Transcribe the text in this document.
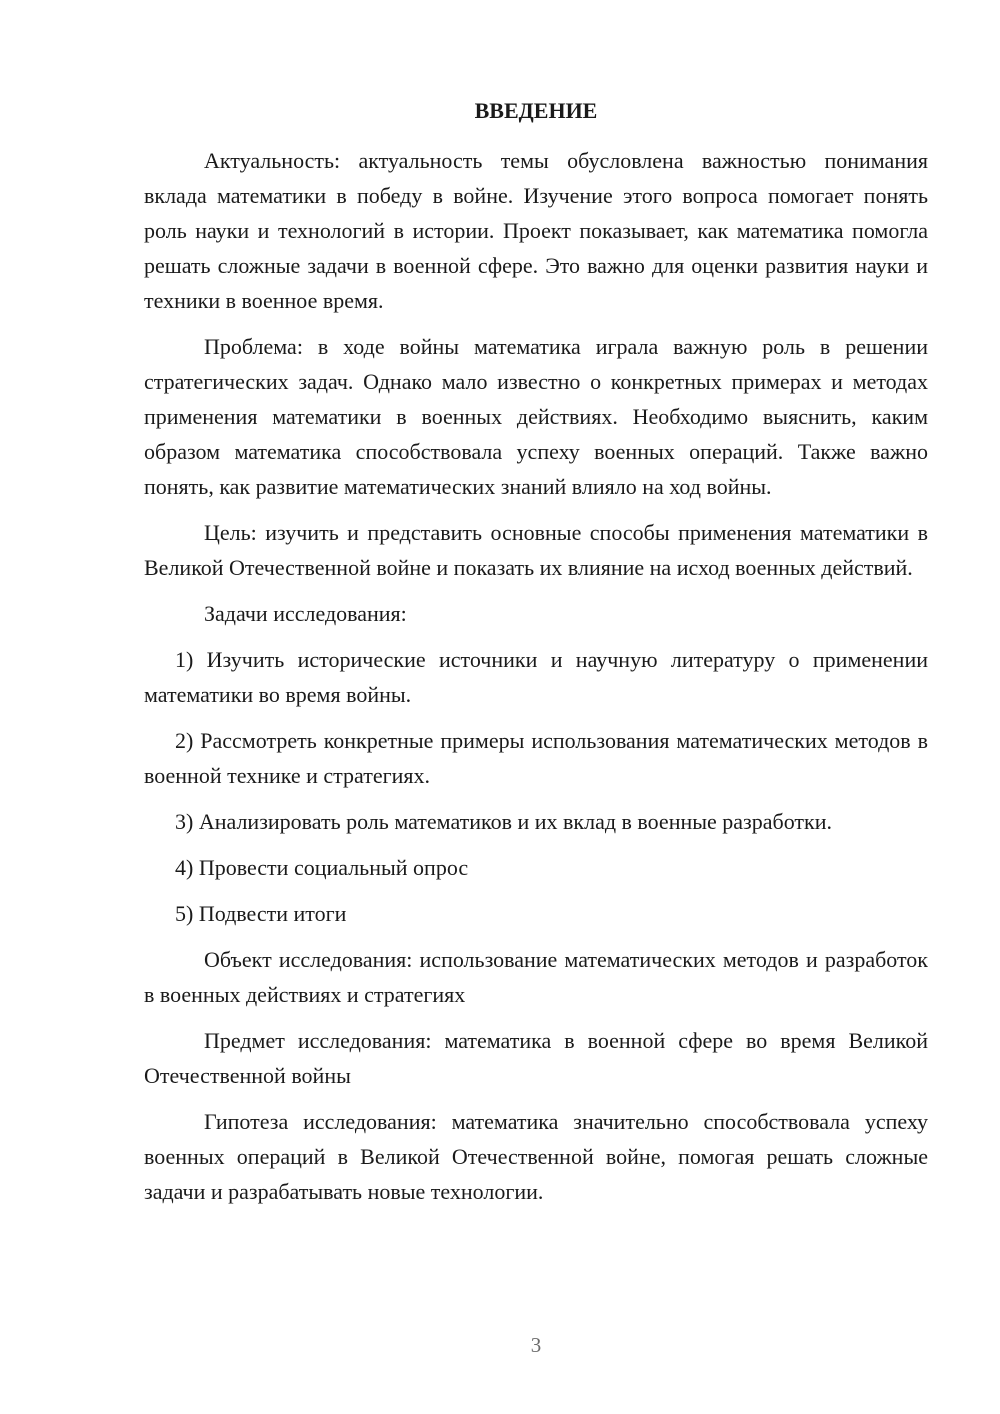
ВВЕДЕНИЕ

Актуальность: актуальность темы обусловлена важностью понимания вклада математики в победу в войне. Изучение этого вопроса помогает понять роль науки и технологий в истории. Проект показывает, как математика помогла решать сложные задачи в военной сфере. Это важно для оценки развития науки и техники в военное время.

Проблема: в ходе войны математика играла важную роль в решении стратегических задач. Однако мало известно о конкретных примерах и методах применения математики в военных действиях. Необходимо выяснить, каким образом математика способствовала успеху военных операций. Также важно понять, как развитие математических знаний влияло на ход войны.

Цель: изучить и представить основные способы применения математики в Великой Отечественной войне и показать их влияние на исход военных действий.

Задачи исследования:

1) Изучить исторические источники и научную литературу о применении математики во время войны.

2) Рассмотреть конкретные примеры использования математических методов в военной технике и стратегиях.

3) Анализировать роль математиков и их вклад в военные разработки.

4) Провести социальный опрос

5) Подвести итоги

Объект исследования: использование математических методов и разработок в военных действиях и стратегиях

Предмет исследования: математика в военной сфере во время Великой Отечественной войны

Гипотеза исследования: математика значительно способствовала успеху военных операций в Великой Отечественной войне, помогая решать сложные задачи и разрабатывать новые технологии.

3
